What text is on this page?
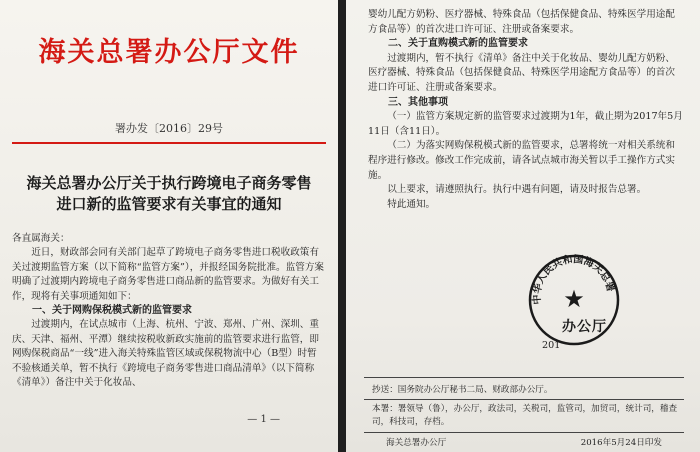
海关总署办公厅文件
署办发〔2016〕29号
海关总署办公厅关于执行跨境电子商务零售
进口新的监管要求有关事宜的通知

各直属海关：

近日，财政部会同有关部门起草了跨境电子商务零售进口税收政策有关过渡期监管方案（以下简称“监管方案”），并报经国务院批准。监管方案明确了过渡期内跨境电子商务零售进口商品新的监管要求。为做好有关工作，现将有关事项通知如下：

一、关于网购保税模式新的监管要求

过渡期内，在试点城市（上海、杭州、宁波、郑州、广州、深圳、重庆、天津、福州、平潭）继续按税收新政实施前的监管要求进行监管，即网购保税商品“一线”进入海关特殊监管区域或保税物流中心（B型）时暂不验核通关单，暂不执行《跨境电子商务零售进口商品清单》（以下简称《清单》）备注中关于化妆品、

— 1 —

婴幼儿配方奶粉、医疗器械、特殊食品（包括保健食品、特殊医学用途配方食品等）的首次进口许可证、注册或备案要求。

二、关于直购模式新的监管要求

过渡期内，暂不执行《清单》备注中关于化妆品、婴幼儿配方奶粉、医疗器械、特殊食品（包括保健食品、特殊医学用途配方食品等）的首次进口许可证、注册或备案要求。

三、其他事项

（一）监管方案规定新的监管要求过渡期为1年，截止期为2017年5月11日（含11日）。

（二）为落实网购保税模式新的监管要求，总署将统一对相关系统和程序进行修改。修改工作完成前，请各试点城市海关暂以手工操作方式实施。

以上要求，请遵照执行。执行中遇有问题，请及时报告总署。

特此通知。

中华人民共和国海关总署
★
办公厅
201
抄送：国务院办公厅秘书二局、财政部办公厅。
本署：署领导（鲁），办公厅，政法司，关税司，监管司，加贸司，统计司，稽查司，科技司，存档。
海关总署办公厅	2016年5月24日印发
